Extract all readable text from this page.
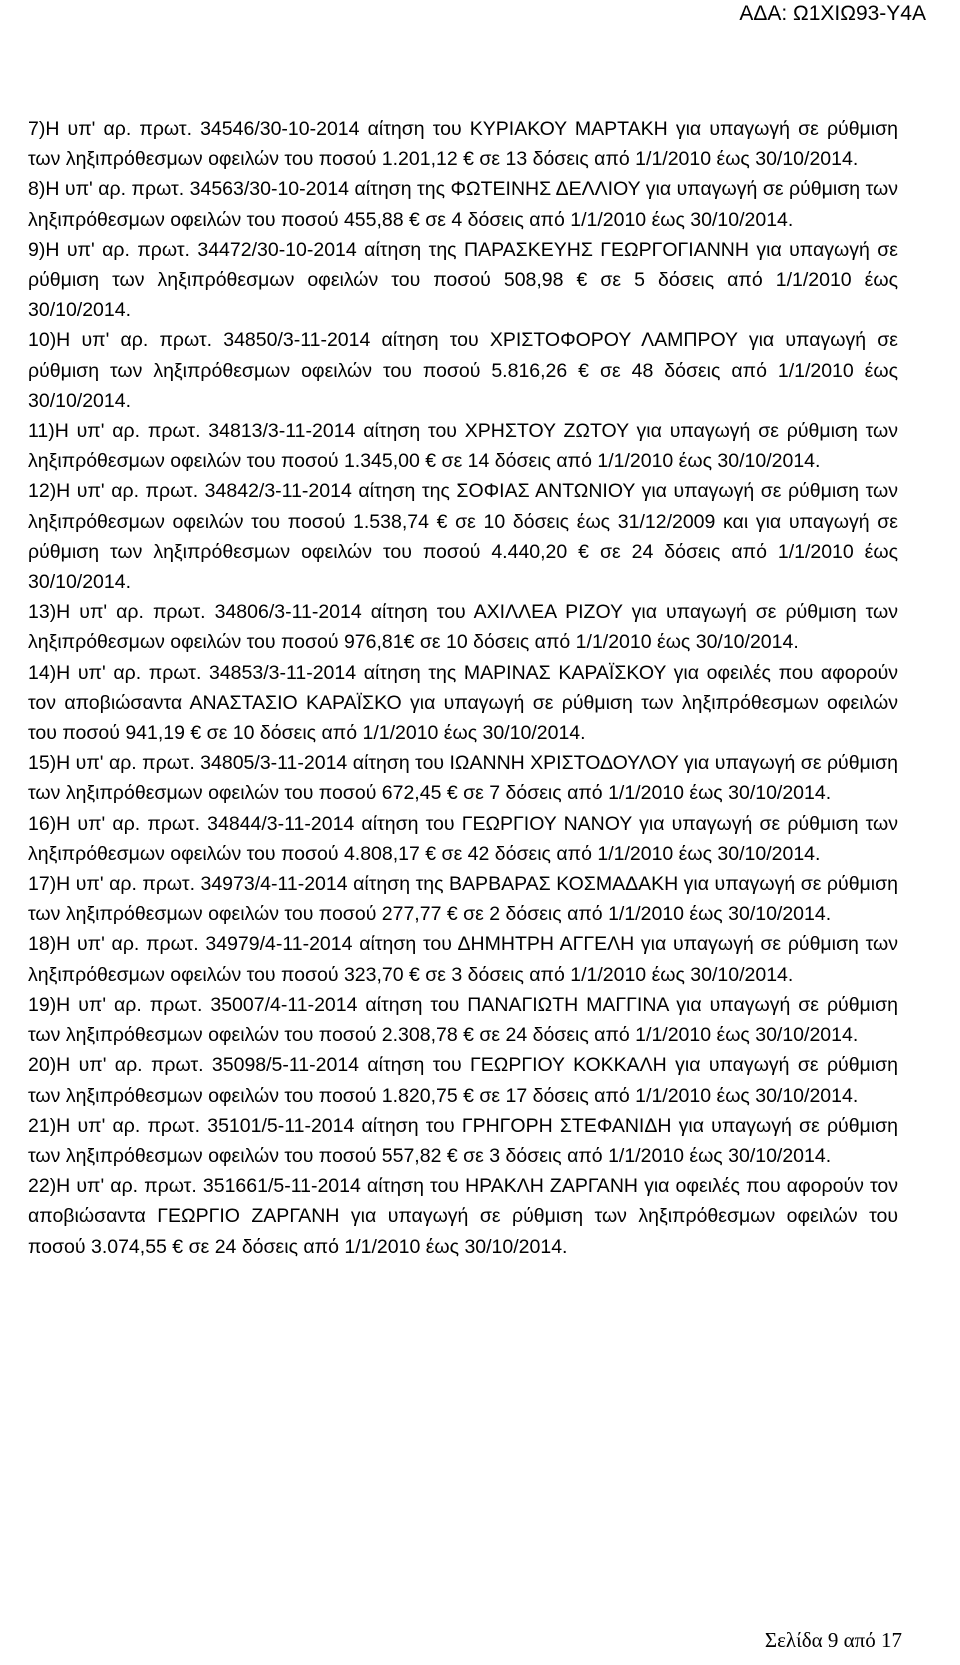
ΑΔΑ: Ω1ΧΙΩ93-Υ4Α

7)Η υπ' αρ. πρωτ. 34546/30-10-2014 αίτηση του ΚΥΡΙΑΚΟΥ ΜΑΡΤΑΚΗ για υπαγωγή σε ρύθμιση των ληξιπρόθεσμων οφειλών του ποσού 1.201,12 € σε 13 δόσεις από 1/1/2010 έως 30/10/2014.

8)Η υπ' αρ. πρωτ. 34563/30-10-2014 αίτηση της ΦΩΤΕΙΝΗΣ ΔΕΛΛΙΟΥ για υπαγωγή σε ρύθμιση των ληξιπρόθεσμων οφειλών του ποσού 455,88 € σε 4 δόσεις από 1/1/2010 έως 30/10/2014.

9)Η υπ' αρ. πρωτ. 34472/30-10-2014 αίτηση της ΠΑΡΑΣΚΕΥΗΣ ΓΕΩΡΓΟΓΙΑΝΝΗ για υπαγωγή σε ρύθμιση των ληξιπρόθεσμων οφειλών του ποσού 508,98 € σε 5 δόσεις από 1/1/2010 έως 30/10/2014.

10)Η υπ' αρ. πρωτ. 34850/3-11-2014 αίτηση του ΧΡΙΣΤΟΦΟΡΟΥ ΛΑΜΠΡΟΥ για υπαγωγή σε ρύθμιση των ληξιπρόθεσμων οφειλών του ποσού 5.816,26 € σε 48 δόσεις από 1/1/2010 έως 30/10/2014.

11)Η υπ' αρ. πρωτ. 34813/3-11-2014 αίτηση του ΧΡΗΣΤΟΥ ΖΩΤΟΥ για υπαγωγή σε ρύθμιση των ληξιπρόθεσμων οφειλών του ποσού 1.345,00 € σε 14 δόσεις από 1/1/2010 έως 30/10/2014.

12)Η υπ' αρ. πρωτ. 34842/3-11-2014 αίτηση της ΣΟΦΙΑΣ ΑΝΤΩΝΙΟΥ για υπαγωγή σε ρύθμιση των ληξιπρόθεσμων οφειλών του ποσού 1.538,74 € σε 10 δόσεις έως 31/12/2009 και για υπαγωγή σε ρύθμιση των ληξιπρόθεσμων οφειλών του ποσού 4.440,20 € σε 24 δόσεις από 1/1/2010 έως 30/10/2014.

13)Η υπ' αρ. πρωτ. 34806/3-11-2014 αίτηση του ΑΧΙΛΛΕΑ ΡΙΖΟΥ για υπαγωγή σε ρύθμιση των ληξιπρόθεσμων οφειλών του ποσού 976,81€ σε 10 δόσεις από 1/1/2010 έως 30/10/2014.

14)Η υπ' αρ. πρωτ. 34853/3-11-2014 αίτηση της ΜΑΡΙΝΑΣ ΚΑΡΑΪΣΚΟΥ για οφειλές που αφορούν τον αποβιώσαντα ΑΝΑΣΤΑΣΙΟ ΚΑΡΑΪΣΚΟ για υπαγωγή σε ρύθμιση των ληξιπρόθεσμων οφειλών του ποσού 941,19 € σε 10 δόσεις από 1/1/2010 έως 30/10/2014.

15)Η υπ' αρ. πρωτ. 34805/3-11-2014 αίτηση του ΙΩΑΝΝΗ ΧΡΙΣΤΟΔΟΥΛΟΥ για υπαγωγή σε ρύθμιση των ληξιπρόθεσμων οφειλών του ποσού 672,45 € σε 7 δόσεις από 1/1/2010 έως 30/10/2014.

16)Η υπ' αρ. πρωτ. 34844/3-11-2014 αίτηση του ΓΕΩΡΓΙΟΥ ΝΑΝΟΥ για υπαγωγή σε ρύθμιση των ληξιπρόθεσμων οφειλών του ποσού 4.808,17 € σε 42 δόσεις από 1/1/2010 έως 30/10/2014.

17)Η υπ' αρ. πρωτ. 34973/4-11-2014 αίτηση της ΒΑΡΒΑΡΑΣ ΚΟΣΜΑΔΑΚΗ για υπαγωγή σε ρύθμιση των ληξιπρόθεσμων οφειλών του ποσού 277,77 € σε 2 δόσεις από 1/1/2010 έως 30/10/2014.

18)Η υπ' αρ. πρωτ. 34979/4-11-2014 αίτηση του ΔΗΜΗΤΡΗ ΑΓΓΕΛΗ για υπαγωγή σε ρύθμιση των ληξιπρόθεσμων οφειλών του ποσού 323,70 € σε 3 δόσεις από 1/1/2010 έως 30/10/2014.

19)Η υπ' αρ. πρωτ. 35007/4-11-2014 αίτηση του ΠΑΝΑΓΙΩΤΗ ΜΑΓΓΙΝΑ για υπαγωγή σε ρύθμιση των ληξιπρόθεσμων οφειλών του ποσού 2.308,78 € σε 24 δόσεις από 1/1/2010 έως 30/10/2014.

20)Η υπ' αρ. πρωτ. 35098/5-11-2014 αίτηση του ΓΕΩΡΓΙΟΥ ΚΟΚΚΑΛΗ για υπαγωγή σε ρύθμιση των ληξιπρόθεσμων οφειλών του ποσού 1.820,75 € σε 17 δόσεις από 1/1/2010 έως 30/10/2014.

21)Η υπ' αρ. πρωτ. 35101/5-11-2014 αίτηση του ΓΡΗΓΟΡΗ ΣΤΕΦΑΝΙΔΗ για υπαγωγή σε ρύθμιση των ληξιπρόθεσμων οφειλών του ποσού 557,82 € σε 3 δόσεις από 1/1/2010 έως 30/10/2014.

22)Η υπ' αρ. πρωτ. 351661/5-11-2014 αίτηση του ΗΡΑΚΛΗ ΖΑΡΓΑΝΗ για οφειλές που αφορούν τον αποβιώσαντα ΓΕΩΡΓΙΟ ΖΑΡΓΑΝΗ για υπαγωγή σε ρύθμιση των ληξιπρόθεσμων οφειλών του ποσού 3.074,55 € σε 24 δόσεις από 1/1/2010 έως 30/10/2014.

Σελίδα 9 από 17
